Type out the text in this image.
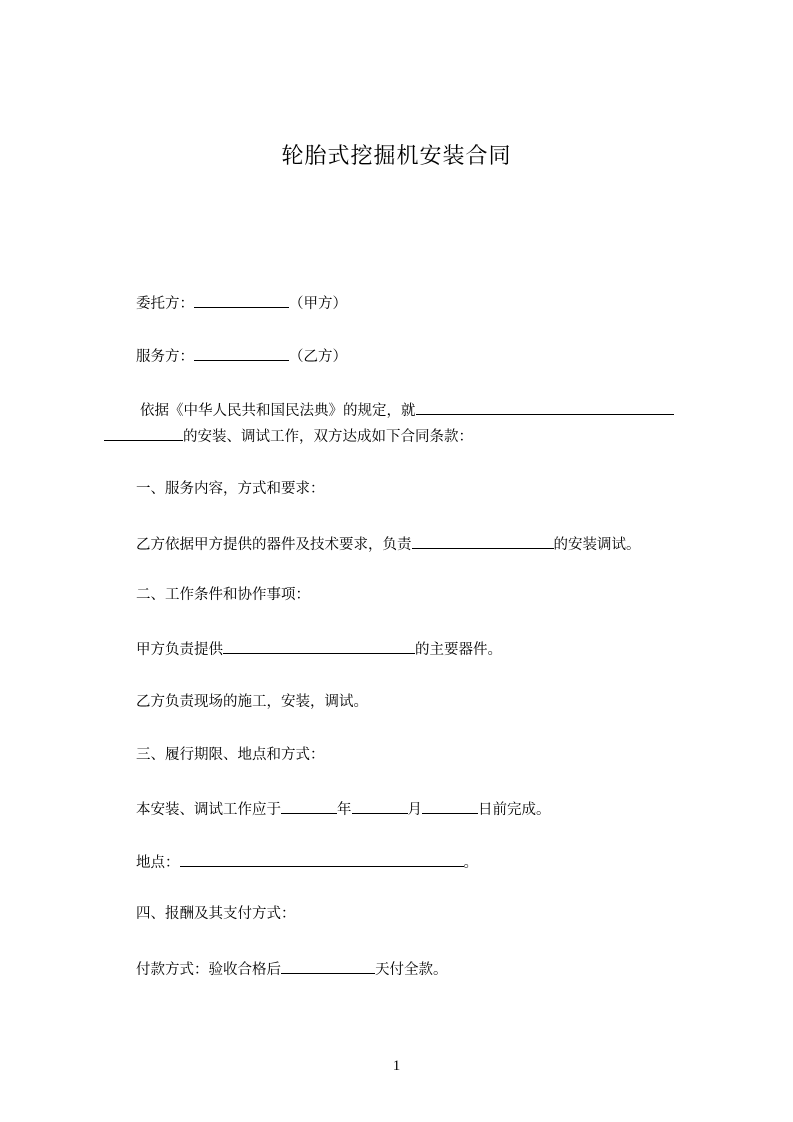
轮胎式挖掘机安装合同
委托方：	（甲方）
服务方：	（乙方）
依据《中华人民共和国民法典》的规定，就
的安装、调试工作，双方达成如下合同条款：
一、服务内容，方式和要求：
乙方依据甲方提供的器件及技术要求，负责	的安装调试。
二、工作条件和协作事项：
甲方负责提供	的主要器件。
乙方负责现场的施工，安装，调试。
三、履行期限、地点和方式：
本安装、调试工作应于	年	月	日前完成。
地点：	。
四、报酬及其支付方式：
付款方式：验收合格后	天付全款。
1
